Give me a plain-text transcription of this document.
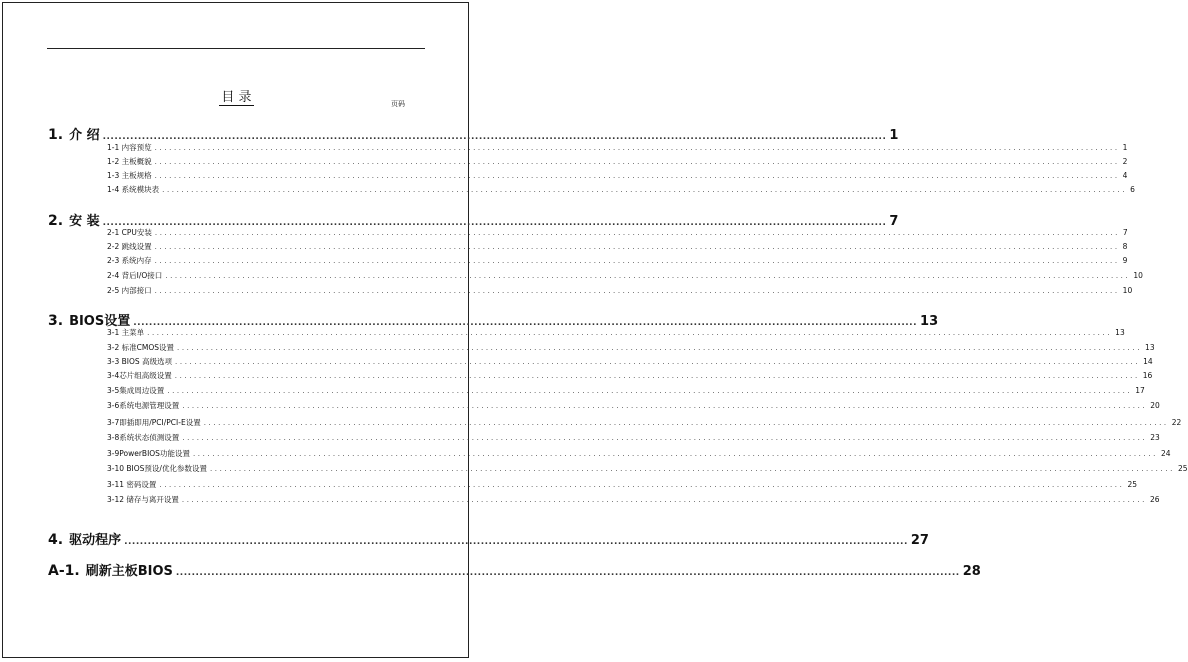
目 录	页码
1. 介 绍 ........................................................................................................................................................................................................ 1
1-1 内容预览 ........................................................................................................................................................................................................ 1
1-2 主板概貌 ........................................................................................................................................................................................................ 2
1-3 主板规格 ........................................................................................................................................................................................................ 4
1-4 系统模块表 ........................................................................................................................................................................................................ 6
2. 安 装 ........................................................................................................................................................................................................ 7
2-1 CPU安装 ........................................................................................................................................................................................................ 7
2-2 跳线设置 ........................................................................................................................................................................................................ 8
2-3 系统内存 ........................................................................................................................................................................................................ 9
2-4 背后I/O接口 ........................................................................................................................................................................................................ 10
2-5 内部接口 ........................................................................................................................................................................................................ 10
3. BIOS设置 ........................................................................................................................................................................................................ 13
3-1 主菜单 ........................................................................................................................................................................................................ 13
3-2 标准CMOS设置 ........................................................................................................................................................................................................ 13
3-3 BIOS 高级选项 ........................................................................................................................................................................................................ 14
3-4芯片组高级设置 ........................................................................................................................................................................................................ 16
3-5集成周边设置 ........................................................................................................................................................................................................ 17
3-6系统电源管理设置 ........................................................................................................................................................................................................ 20
3-7即插即用/PCI/PCI-E设置 ........................................................................................................................................................................................................ 22
3-8系统状态侦测设置 ........................................................................................................................................................................................................ 23
3-9PowerBIOS功能设置 ........................................................................................................................................................................................................ 24
3-10 BIOS预设/优化参数设置 ........................................................................................................................................................................................................ 25
3-11 密码设置 ........................................................................................................................................................................................................ 25
3-12 储存与离开设置 ........................................................................................................................................................................................................ 26
4. 驱动程序 ........................................................................................................................................................................................................ 27
A-1. 刷新主板BIOS ........................................................................................................................................................................................................ 28
